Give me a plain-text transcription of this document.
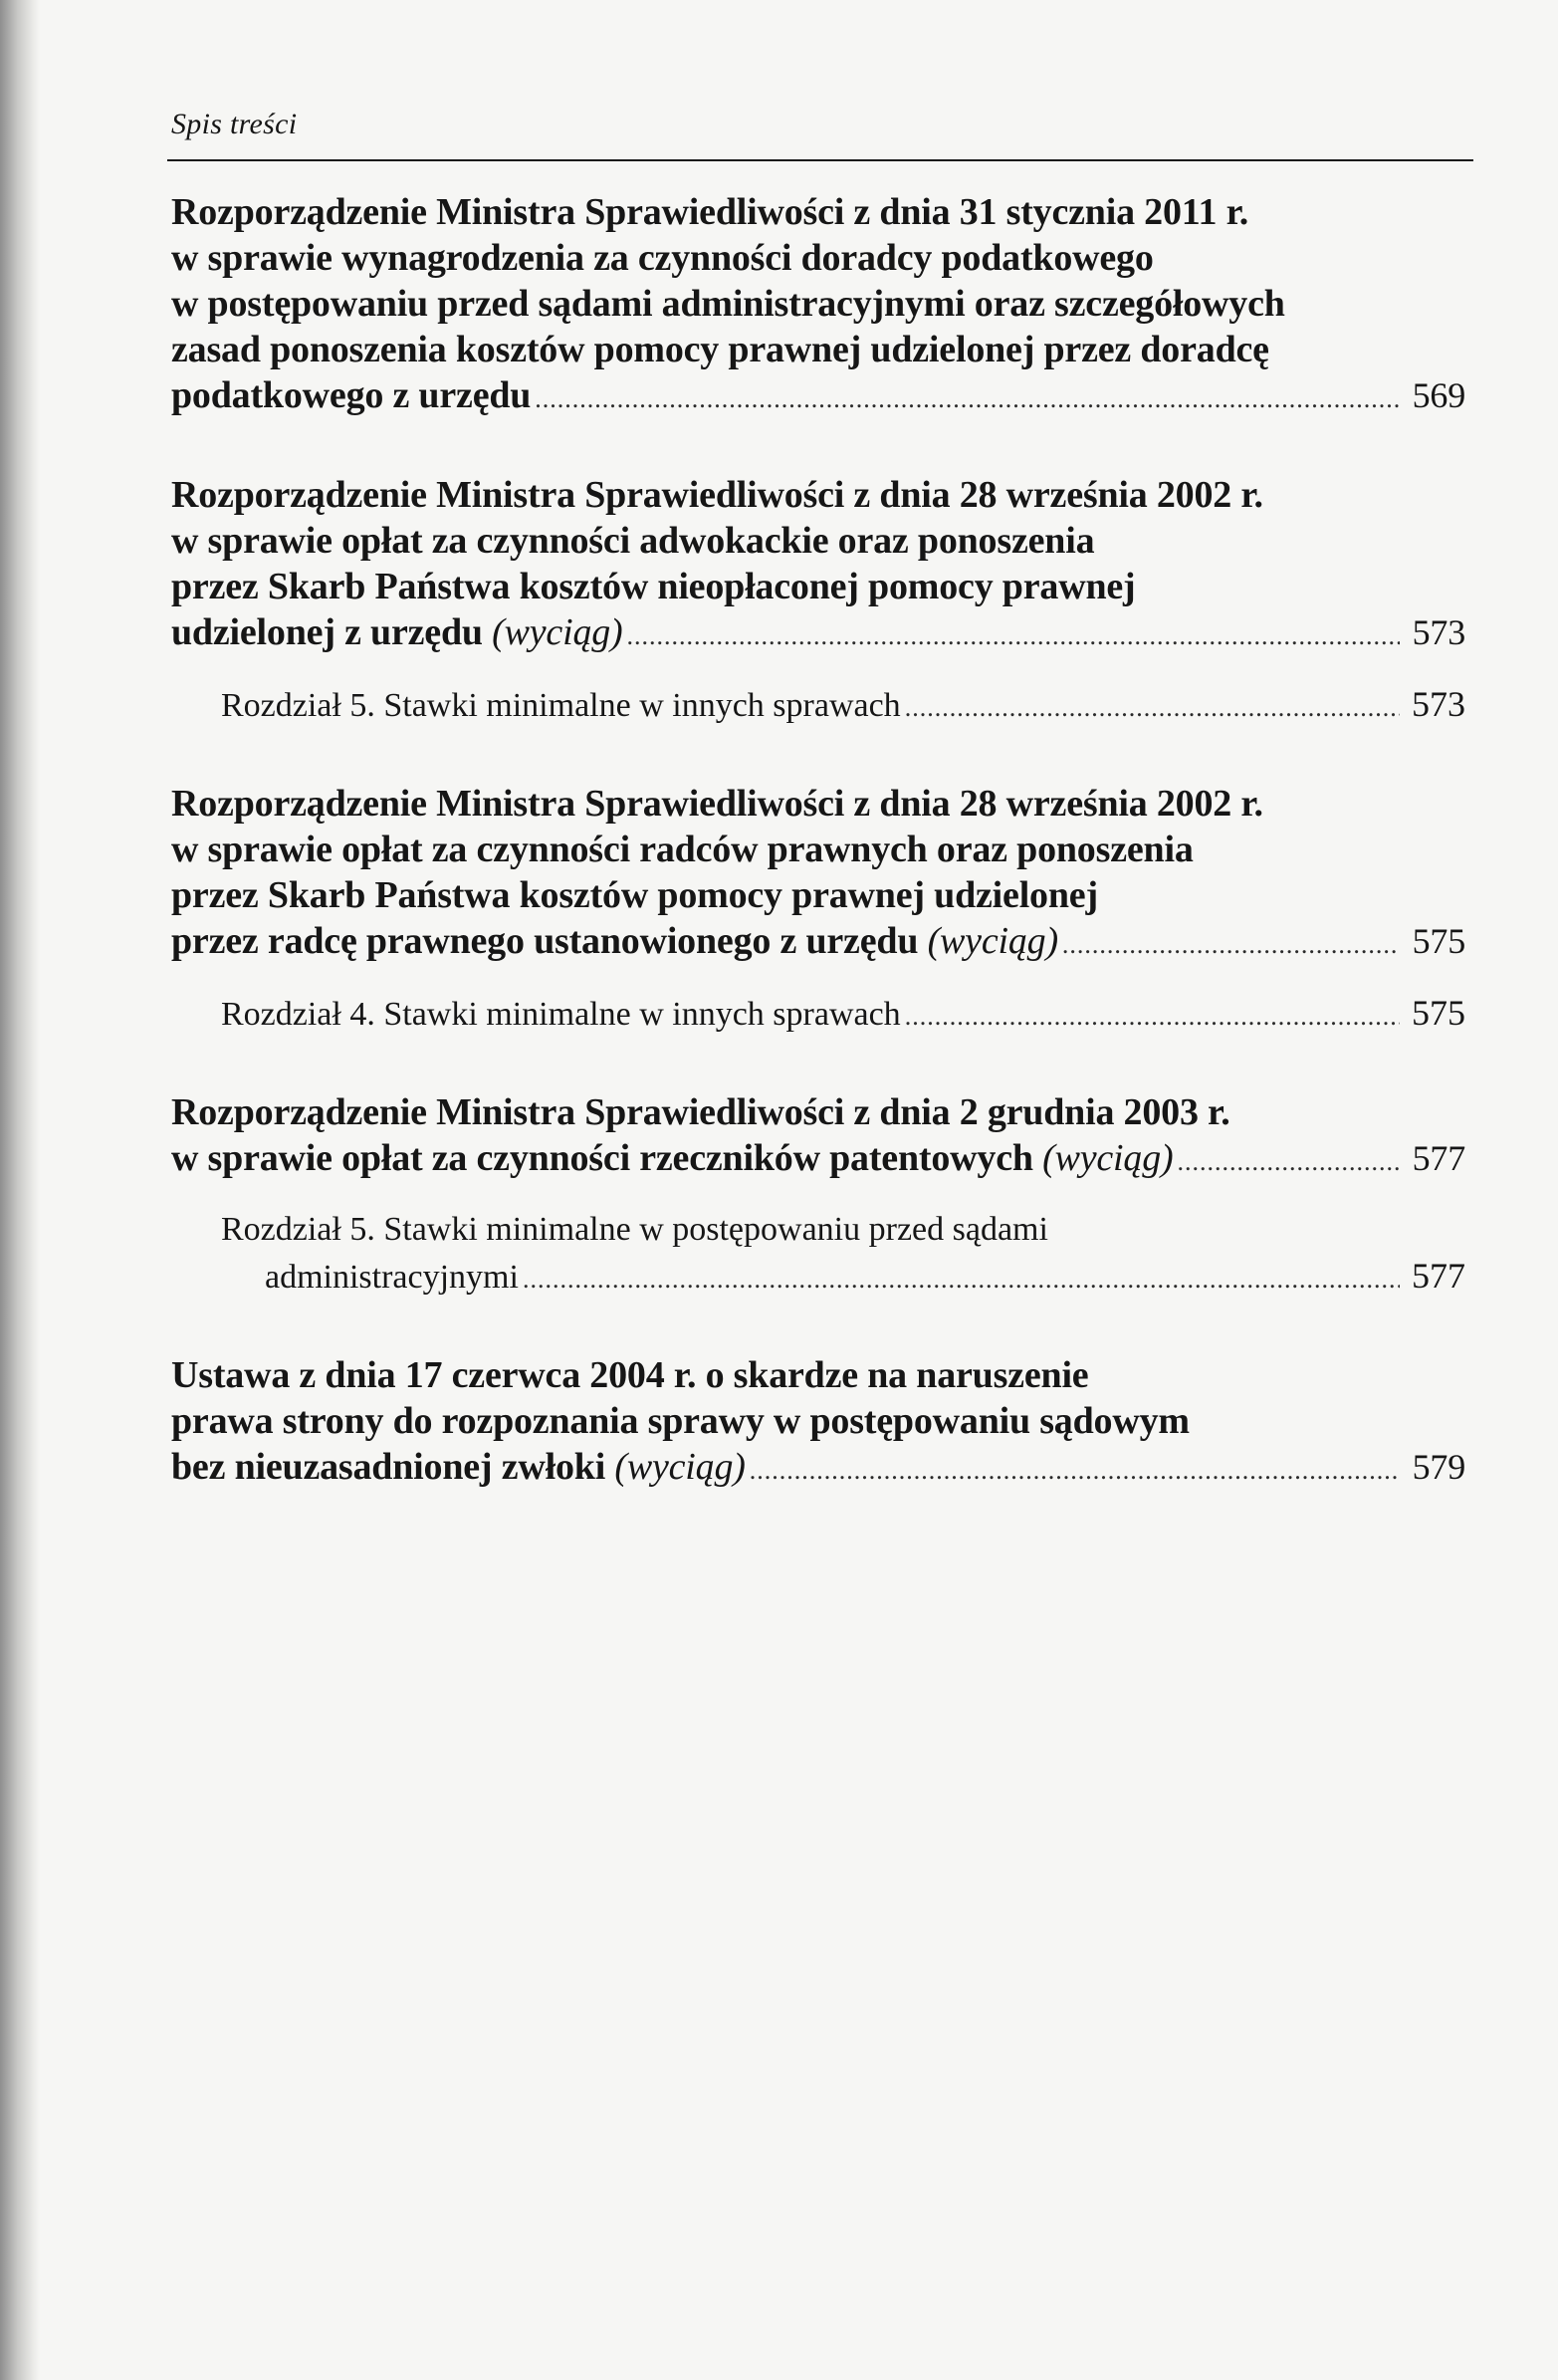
Spis treści
Rozporządzenie Ministra Sprawiedliwości z dnia 31 stycznia 2011 r.
w sprawie wynagrodzenia za czynności doradcy podatkowego
w postępowaniu przed sądami administracyjnymi oraz szczegółowych
zasad ponoszenia kosztów pomocy prawnej udzielonej przez doradcę
podatkowego z urzędu .....	569
Rozporządzenie Ministra Sprawiedliwości z dnia 28 września 2002 r.
w sprawie opłat za czynności adwokackie oraz ponoszenia
przez Skarb Państwa kosztów nieopłaconej pomocy prawnej
udzielonej z urzędu (wyciąg) .....	573
Rozdział 5. Stawki minimalne w innych sprawach .....	573
Rozporządzenie Ministra Sprawiedliwości z dnia 28 września 2002 r.
w sprawie opłat za czynności radców prawnych oraz ponoszenia
przez Skarb Państwa kosztów pomocy prawnej udzielonej
przez radcę prawnego ustanowionego z urzędu (wyciąg) .....	575
Rozdział 4. Stawki minimalne w innych sprawach .....	575
Rozporządzenie Ministra Sprawiedliwości z dnia 2 grudnia 2003 r.
w sprawie opłat za czynności rzeczników patentowych (wyciąg) .....	577
Rozdział 5. Stawki minimalne w postępowaniu przed sądami
administracyjnymi .....	577
Ustawa z dnia 17 czerwca 2004 r. o skardze na naruszenie
prawa strony do rozpoznania sprawy w postępowaniu sądowym
bez nieuzasadnionej zwłoki (wyciąg) .....	579
